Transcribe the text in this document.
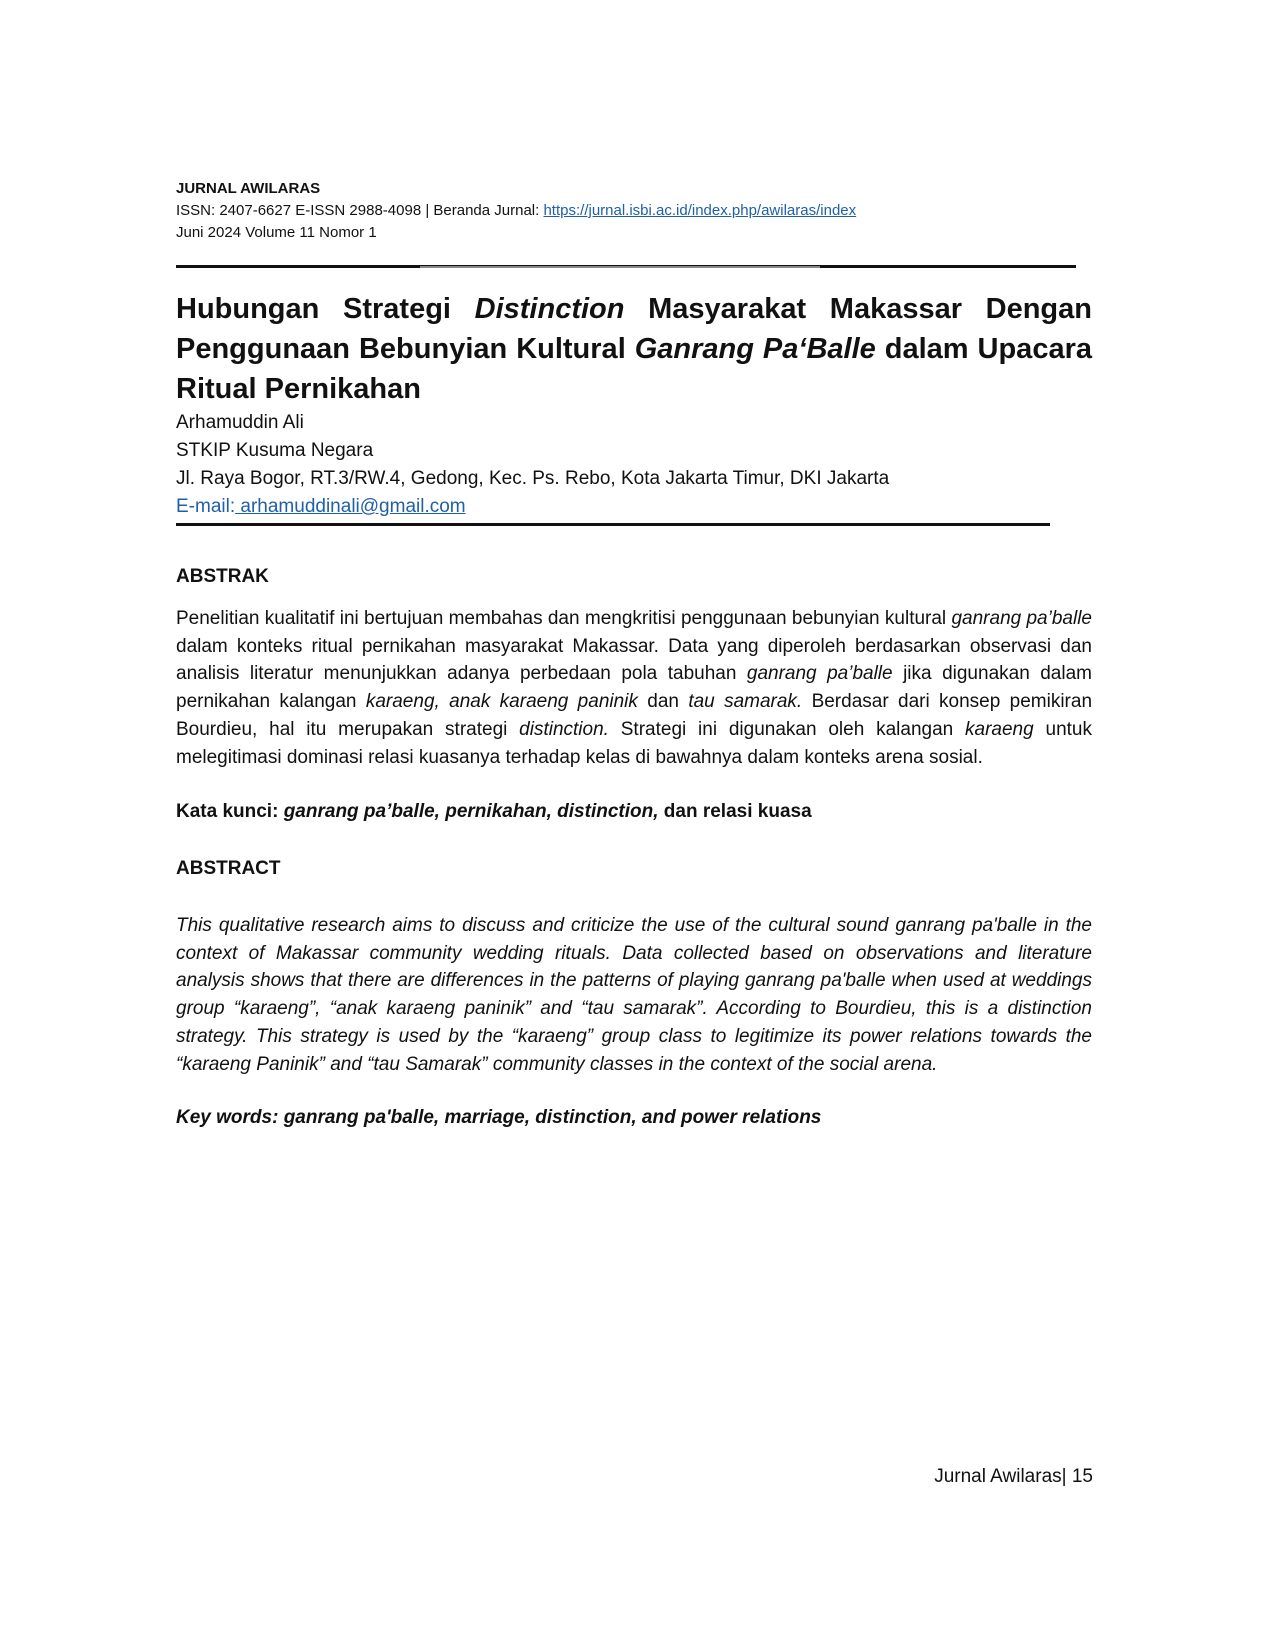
JURNAL AWILARAS
ISSN: 2407-6627 E-ISSN 2988-4098 | Beranda Jurnal: https://jurnal.isbi.ac.id/index.php/awilaras/index
Juni 2024 Volume 11 Nomor 1
Hubungan Strategi Distinction Masyarakat Makassar Dengan Penggunaan Bebunyian Kultural Ganrang Pa‘Balle dalam Upacara Ritual Pernikahan
Arhamuddin Ali
STKIP Kusuma Negara
Jl. Raya Bogor, RT.3/RW.4, Gedong, Kec. Ps. Rebo, Kota Jakarta Timur, DKI Jakarta
E-mail: arhamuddinali@gmail.com
ABSTRAK

Penelitian kualitatif ini bertujuan membahas dan mengkritisi penggunaan bebunyian kultural ganrang pa’balle dalam konteks ritual pernikahan masyarakat Makassar. Data yang diperoleh berdasarkan observasi dan analisis literatur menunjukkan adanya perbedaan pola tabuhan ganrang pa’balle jika digunakan dalam pernikahan kalangan karaeng, anak karaeng paninik dan tau samarak. Berdasar dari konsep pemikiran Bourdieu, hal itu merupakan strategi distinction. Strategi ini digunakan oleh kalangan karaeng untuk melegitimasi dominasi relasi kuasanya terhadap kelas di bawahnya dalam konteks arena sosial.

Kata kunci: ganrang pa’balle, pernikahan, distinction, dan relasi kuasa

ABSTRACT

This qualitative research aims to discuss and criticize the use of the cultural sound ganrang pa'balle in the context of Makassar community wedding rituals. Data collected based on observations and literature analysis shows that there are differences in the patterns of playing ganrang pa'balle when used at weddings group “karaeng”, “anak karaeng paninik” and “tau samarak”. According to Bourdieu, this is a distinction strategy. This strategy is used by the “karaeng” group class to legitimize its power relations towards the “karaeng Paninik” and “tau Samarak” community classes in the context of the social arena.

Key words: ganrang pa'balle, marriage, distinction, and power relations

Jurnal Awilaras| 15
